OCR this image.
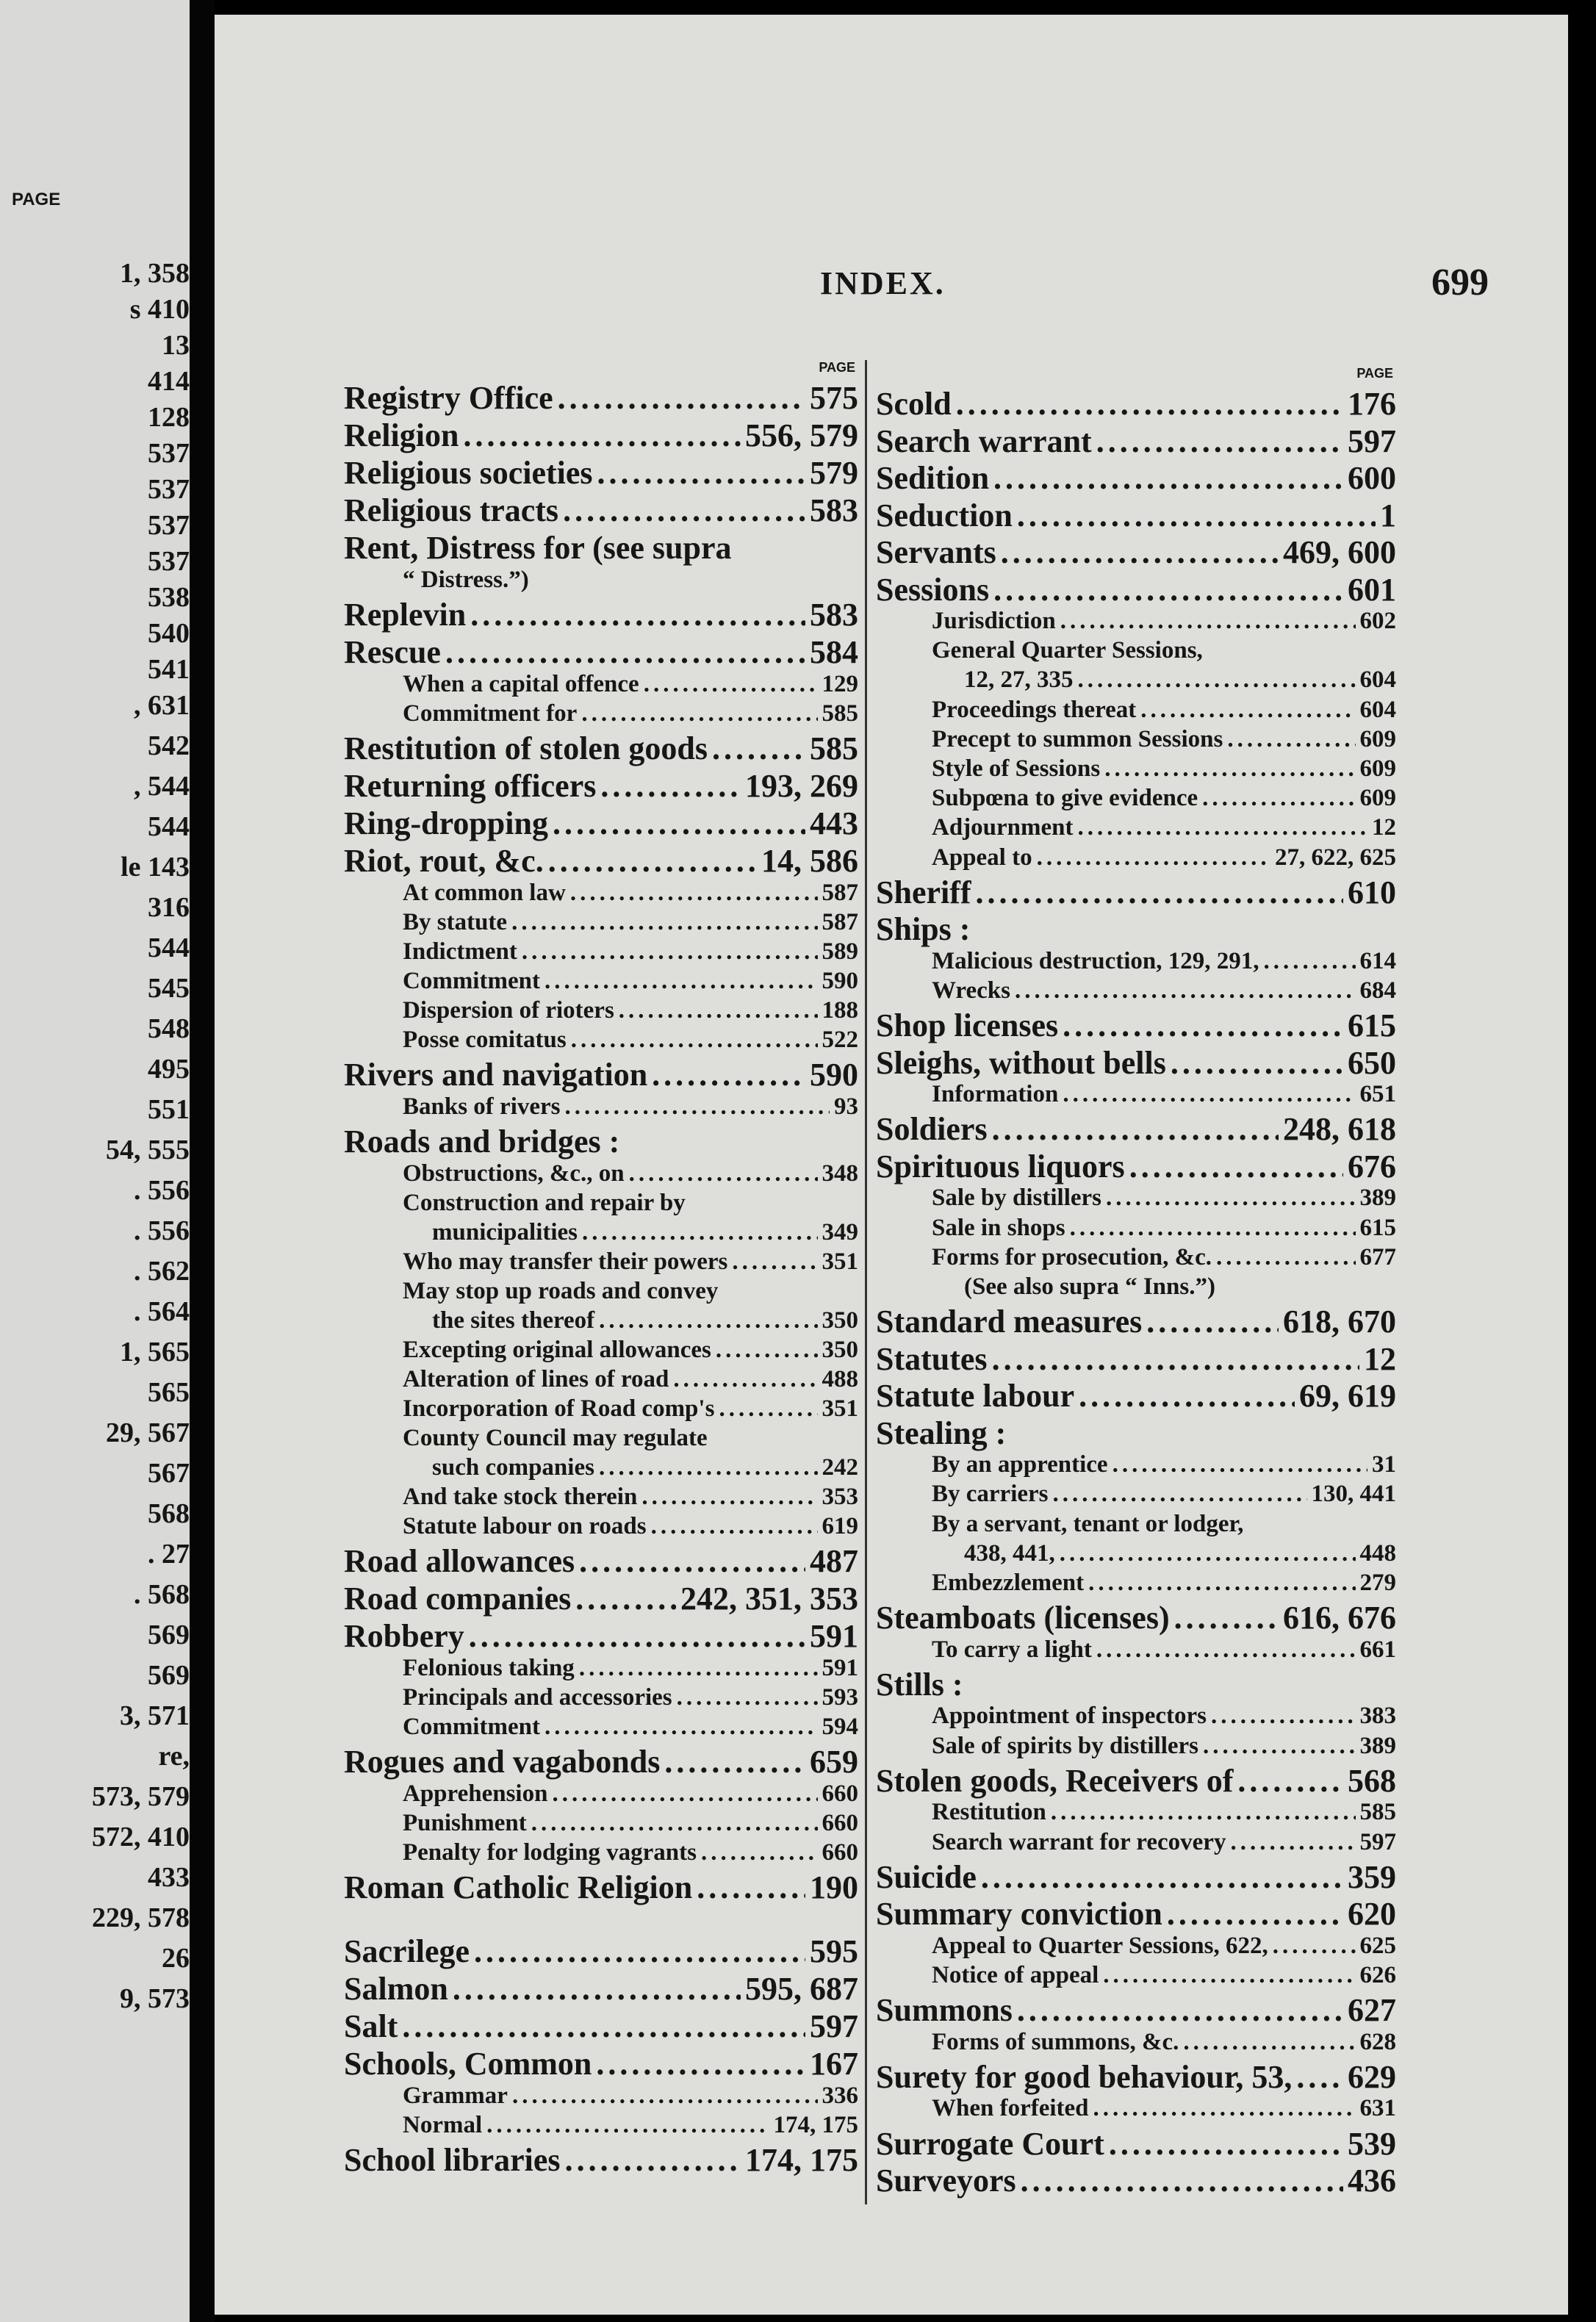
PAGE
1, 358
s 410
13
414
128
537
537
537
537
538
540
541
, 631
542
, 544
544
le 143
316
544
545
548
495
551
54, 555
. 556
. 556
. 562
. 564
1, 565
565
29, 567
567
568
. 27
. 568
569
569
3, 571
re,
573, 579
572, 410
433
229, 578
26
9, 573
INDEX.	699
PAGE
Registry Office .....	575
Religion .....	556, 579
Religious societies .....	579
Religious tracts .....	583
Rent, Distress for (see supra
“ Distress.”)
Replevin .....	583
Rescue .....	584
When a capital offence .....	129
Commitment for .....	585
Restitution of stolen goods .....	585
Returning officers .....	193, 269
Ring-dropping .....	443
Riot, rout, &c. .....	14, 586
At common law .....	587
By statute .....	587
Indictment .....	589
Commitment .....	590
Dispersion of rioters .....	188
Posse comitatus .....	522
Rivers and navigation .....	590
Banks of rivers .....	93
Roads and bridges :
Obstructions, &c., on .....	348
Construction and repair by
municipalities .....	349
Who may transfer their powers .....	351
May stop up roads and convey
the sites thereof .....	350
Excepting original allowances .....	350
Alteration of lines of road .....	488
Incorporation of Road comp's .....	351
County Council may regulate
such companies .....	242
And take stock therein .....	353
Statute labour on roads .....	619
Road allowances .....	487
Road companies .....	242, 351, 353
Robbery .....	591
Felonious taking .....	591
Principals and accessories .....	593
Commitment .....	594
Rogues and vagabonds .....	659
Apprehension .....	660
Punishment .....	660
Penalty for lodging vagrants .....	660
Roman Catholic Religion .....	190
Sacrilege .....	595
Salmon .....	595, 687
Salt .....	597
Schools, Common .....	167
Grammar .....	336
Normal .....	174, 175
School libraries .....	174, 175
PAGE
Scold .....	176
Search warrant .....	597
Sedition .....	600
Seduction .....	1
Servants .....	469, 600
Sessions .....	601
Jurisdiction .....	602
General Quarter Sessions,
12, 27, 335 .....	604
Proceedings thereat .....	604
Precept to summon Sessions .....	609
Style of Sessions .....	609
Subpœna to give evidence .....	609
Adjournment .....	12
Appeal to .....	27, 622, 625
Sheriff .....	610
Ships :
Malicious destruction, 129, 291, .....	614
Wrecks .....	684
Shop licenses .....	615
Sleighs, without bells .....	650
Information .....	651
Soldiers .....	248, 618
Spirituous liquors .....	676
Sale by distillers .....	389
Sale in shops .....	615
Forms for prosecution, &c. .....	677
(See also supra “ Inns.”)
Standard measures .....	618, 670
Statutes .....	12
Statute labour .....	69, 619
Stealing :
By an apprentice .....	31
By carriers .....	130, 441
By a servant, tenant or lodger,
438, 441, .....	448
Embezzlement .....	279
Steamboats (licenses) .....	616, 676
To carry a light .....	661
Stills :
Appointment of inspectors .....	383
Sale of spirits by distillers .....	389
Stolen goods, Receivers of .....	568
Restitution .....	585
Search warrant for recovery .....	597
Suicide .....	359
Summary conviction .....	620
Appeal to Quarter Sessions, 622, .....	625
Notice of appeal .....	626
Summons .....	627
Forms of summons, &c. .....	628
Surety for good behaviour, 53, ..... 629
When forfeited .....	631
Surrogate Court .....	539
Surveyors .....	436
